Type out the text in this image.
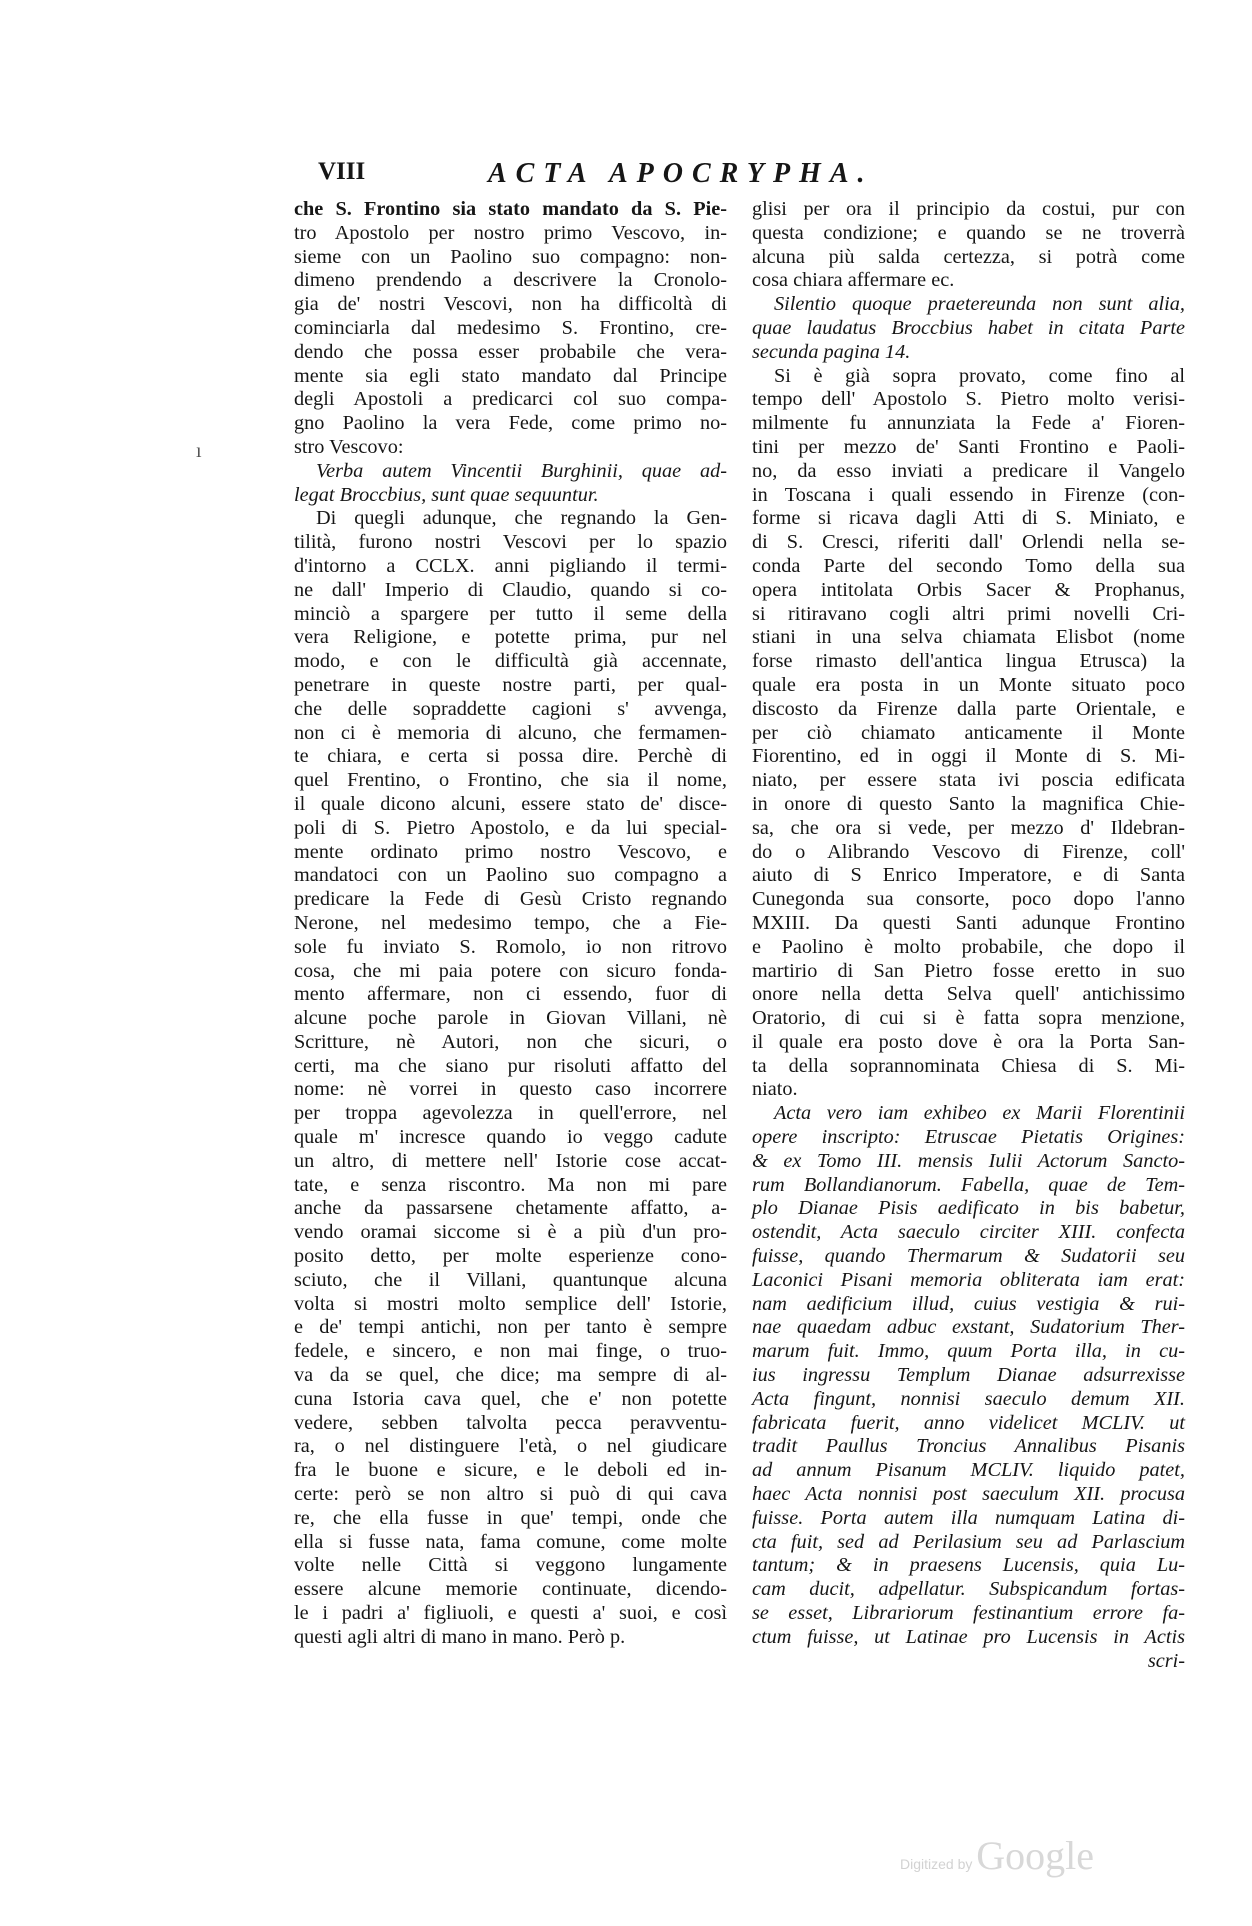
VIII	ACTA APOCRYPHA.
che S. Frontino sia stato mandato da S. Pie-
tro Apostolo per nostro primo Vescovo, in-
sieme con un Paolino suo compagno: non-
dimeno prendendo a descrivere la Cronolo-
gia de' nostri Vescovi, non ha difficoltà di
cominciarla dal medesimo S. Frontino, cre-
dendo che possa esser probabile che vera-
mente sia egli stato mandato dal Principe
degli Apostoli a predicarci col suo compa-
gno Paolino la vera Fede, come primo no-
stro Vescovo:
Verba autem Vincentii Burghinii, quae ad-
legat Broccbius, sunt quae sequuntur.
Di quegli adunque, che regnando la Gen-
tilità, furono nostri Vescovi per lo spazio
d'intorno a CCLX. anni pigliando il termi-
ne dall' Imperio di Claudio, quando si co-
minciò a spargere per tutto il seme della
vera Religione, e potette prima, pur nel
modo, e con le difficultà già accennate,
penetrare in queste nostre parti, per qual-
che delle sopraddette cagioni s' avvenga,
non ci è memoria di alcuno, che fermamen-
te chiara, e certa si possa dire. Perchè di
quel Frentino, o Frontino, che sia il nome,
il quale dicono alcuni, essere stato de' disce-
poli di S. Pietro Apostolo, e da lui special-
mente ordinato primo nostro Vescovo, e
mandatoci con un Paolino suo compagno a
predicare la Fede di Gesù Cristo regnando
Nerone, nel medesimo tempo, che a Fie-
sole fu inviato S. Romolo, io non ritrovo
cosa, che mi paia potere con sicuro fonda-
mento affermare, non ci essendo, fuor di
alcune poche parole in Giovan Villani, nè
Scritture, nè Autori, non che sicuri, o
certi, ma che siano pur risoluti affatto del
nome: nè vorrei in questo caso incorrere
per troppa agevolezza in quell'errore, nel
quale m' incresce quando io veggo cadute
un altro, di mettere nell' Istorie cose accat-
tate, e senza riscontro. Ma non mi pare
anche da passarsene chetamente affatto, a-
vendo oramai siccome si è a più d'un pro-
posito detto, per molte esperienze cono-
sciuto, che il Villani, quantunque alcuna
volta si mostri molto semplice dell' Istorie,
e de' tempi antichi, non per tanto è sempre
fedele, e sincero, e non mai finge, o truo-
va da se quel, che dice; ma sempre di al-
cuna Istoria cava quel, che e' non potette
vedere, sebben talvolta pecca peravventu-
ra, o nel distinguere l'età, o nel giudicare
fra le buone e sicure, e le deboli ed in-
certe: però se non altro si può di qui cava
re, che ella fusse in que' tempi, onde che
ella si fusse nata, fama comune, come molte
volte nelle Città si veggono lungamente
essere alcune memorie continuate, dicendo-
le i padri a' figliuoli, e questi a' suoi, e così
questi agli altri di mano in mano. Però p.
glisi per ora il principio da costui, pur con
questa condizione; e quando se ne troverrà
alcuna più salda certezza, si potrà come
cosa chiara affermare ec.
Silentio quoque praetereunda non sunt alia,
quae laudatus Broccbius habet in citata Parte
secunda pagina 14.
Si è già sopra provato, come fino al
tempo dell' Apostolo S. Pietro molto verisi-
milmente fu annunziata la Fede a' Fioren-
tini per mezzo de' Santi Frontino e Paoli-
no, da esso inviati a predicare il Vangelo
in Toscana i quali essendo in Firenze (con-
forme si ricava dagli Atti di S. Miniato, e
di S. Cresci, riferiti dall' Orlendi nella se-
conda Parte del secondo Tomo della sua
opera intitolata Orbis Sacer & Prophanus,
si ritiravano cogli altri primi novelli Cri-
stiani in una selva chiamata Elisbot (nome
forse rimasto dell'antica lingua Etrusca) la
quale era posta in un Monte situato poco
discosto da Firenze dalla parte Orientale, e
per ciò chiamato anticamente il Monte
Fiorentino, ed in oggi il Monte di S. Mi-
niato, per essere stata ivi poscia edificata
in onore di questo Santo la magnifica Chie-
sa, che ora si vede, per mezzo d' Ildebran-
do o Alibrando Vescovo di Firenze, coll'
aiuto di S Enrico Imperatore, e di Santa
Cunegonda sua consorte, poco dopo l'anno
MXIII. Da questi Santi adunque Frontino
e Paolino è molto probabile, che dopo il
martirio di San Pietro fosse eretto in suo
onore nella detta Selva quell' antichissimo
Oratorio, di cui si è fatta sopra menzione,
il quale era posto dove è ora la Porta San-
ta della soprannominata Chiesa di S. Mi-
niato.
Acta vero iam exhibeo ex Marii Florentinii
opere inscripto: Etruscae Pietatis Origines:
& ex Tomo III. mensis Iulii Actorum Sancto-
rum Bollandianorum. Fabella, quae de Tem-
plo Dianae Pisis aedificato in bis babetur,
ostendit, Acta saeculo circiter XIII. confecta
fuisse, quando Thermarum & Sudatorii seu
Laconici Pisani memoria obliterata iam erat:
nam aedificium illud, cuius vestigia & rui-
nae quaedam adbuc exstant, Sudatorium Ther-
marum fuit. Immo, quum Porta illa, in cu-
ius ingressu Templum Dianae adsurrexisse
Acta fingunt, nonnisi saeculo demum XII.
fabricata fuerit, anno videlicet MCLIV. ut
tradit Paullus Troncius Annalibus Pisanis
ad annum Pisanum MCLIV. liquido patet,
haec Acta nonnisi post saeculum XII. procusa
fuisse. Porta autem illa numquam Latina di-
cta fuit, sed ad Perilasium seu ad Parlascium
tantum; & in praesens Lucensis, quia Lu-
cam ducit, adpellatur. Subspicandum fortas-
se esset, Librariorum festinantium errore fa-
ctum fuisse, ut Latinae pro Lucensis in Actis
scri-
ı
Digitized by Google
